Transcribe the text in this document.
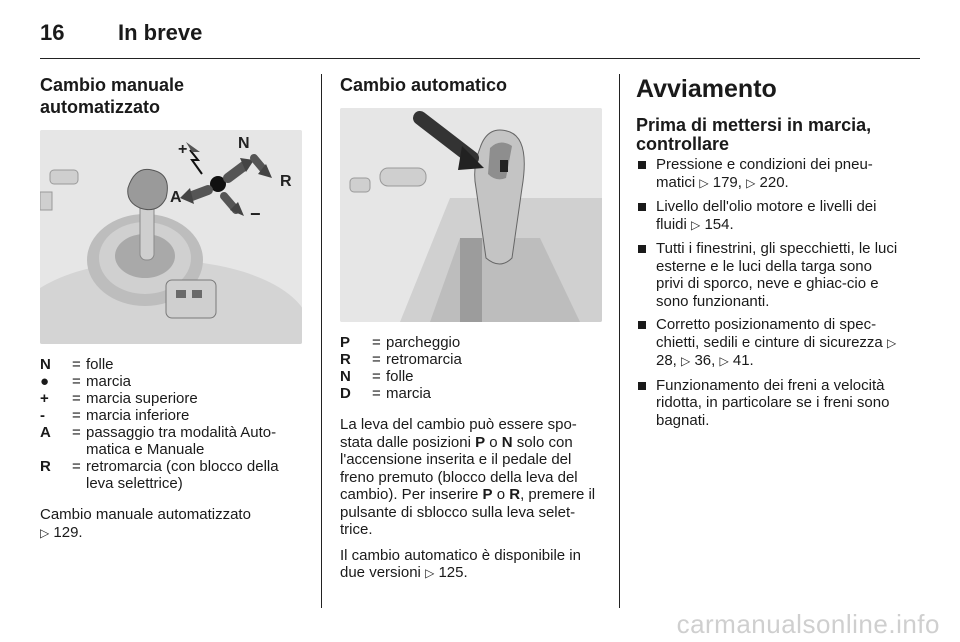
16 In breve
Cambio manuale automatizzato
+	N
R
A
−
N	= folle
●	= marcia
+	= marcia superiore
-	= marcia inferiore
A	= passaggio tra modalità Auto-matica e Manuale
R	= retromarcia (con blocco della leva selettrice)

Cambio manuale automatizzato
▷ 129.

Cambio automatico
P	= parcheggio
R	= retromarcia
N	= folle
D	= marcia

La leva del cambio può essere spo-stata dalle posizioni P o N solo con l'accensione inserita e il pedale del freno premuto (blocco della leva del cambio). Per inserire P o R, premere il pulsante di sblocco sulla leva selet-trice.

Il cambio automatico è disponibile in due versioni ▷ 125.

Avviamento
Prima di mettersi in marcia, controllare
Pressione e condizioni dei pneu-matici ▷ 179, ▷ 220.
Livello dell'olio motore e livelli dei fluidi ▷ 154.
Tutti i finestrini, gli specchietti, le luci esterne e le luci della targa sono privi di sporco, neve e ghiac-cio e sono funzionanti.
Corretto posizionamento di spec-chietti, sedili e cinture di sicurezza ▷ 28, ▷ 36, ▷ 41.
Funzionamento dei freni a velocità ridotta, in particolare se i freni sono bagnati.
carmanualsonline.info
